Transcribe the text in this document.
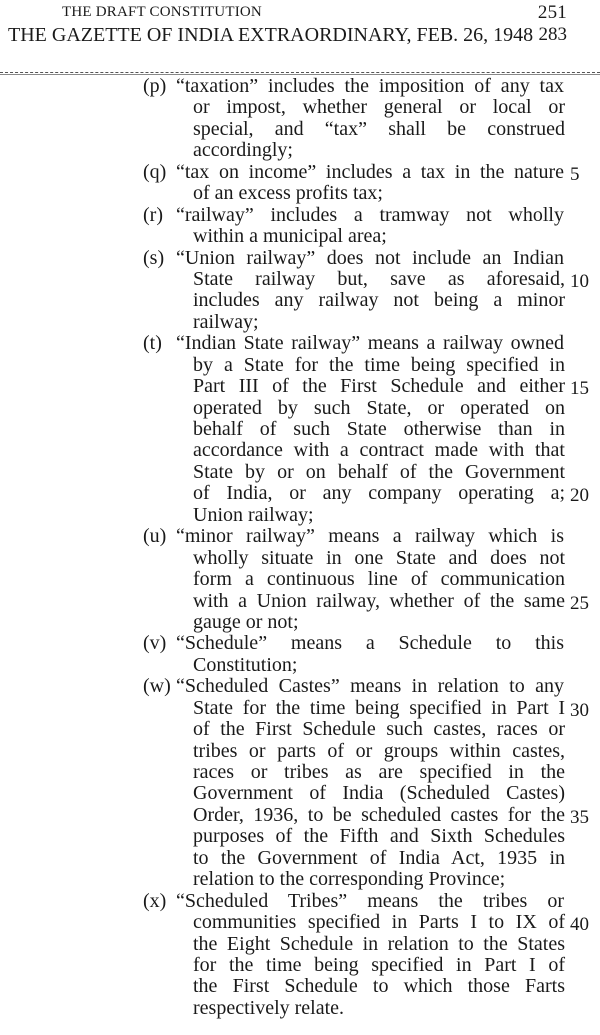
THE DRAFT CONSTITUTION	251
THE GAZETTE OF INDIA EXTRAORDINARY, FEB. 26, 1948 283
(p) “taxation” includes the imposition of any tax
or impost, whether general or local or
special, and “tax” shall be construed
accordingly;
(q) “tax on income” includes a tax in the nature 5
of an excess profits tax;
(r) “railway” includes a tramway not wholly
within a municipal area;
(s) “Union railway” does not include an Indian
State railway but, save as aforesaid, 10
includes any railway not being a minor
railway;
(t) “Indian State railway” means a railway owned
by a State for the time being specified in
Part III of the First Schedule and either 15
operated by such State, or operated on
behalf of such State otherwise than in
accordance with a contract made with that
State by or on behalf of the Government
of India, or any company operating a; 20
Union railway;
(u) “minor railway” means a railway which is
wholly situate in one State and does not
form a continuous line of communication
with a Union railway, whether of the same 25
gauge or not;
(v) “Schedule” means a Schedule to this
Constitution;
(w) “Scheduled Castes” means in relation to any
State for the time being specified in Part I 30
of the First Schedule such castes, races or
tribes or parts of or groups within castes,
races or tribes as are specified in the
Government of India (Scheduled Castes)
Order, 1936, to be scheduled castes for the 35
purposes of the Fifth and Sixth Schedules
to the Government of India Act, 1935 in
relation to the corresponding Province;
(x) “Scheduled Tribes” means the tribes or
communities specified in Parts I to IX of 40
the Eight Schedule in relation to the States
for the time being specified in Part I of
the First Schedule to which those Farts
respectively relate.
